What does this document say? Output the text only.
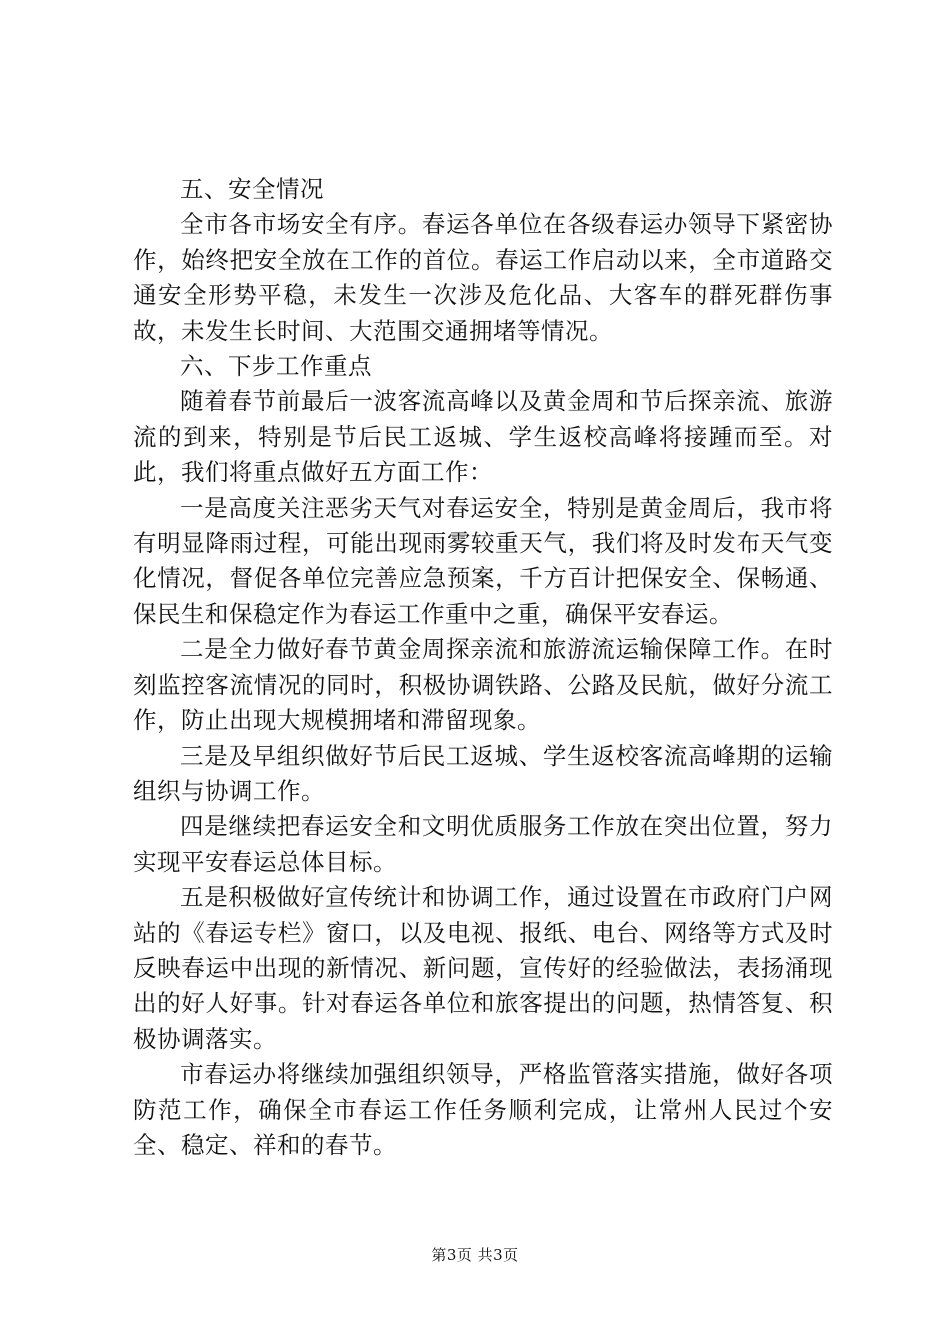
五、安全情况

全市各市场安全有序。春运各单位在各级春运办领导下紧密协作，始终把安全放在工作的首位。春运工作启动以来，全市道路交通安全形势平稳，未发生一次涉及危化品、大客车的群死群伤事故，未发生长时间、大范围交通拥堵等情况。

六、下步工作重点

随着春节前最后一波客流高峰以及黄金周和节后探亲流、旅游流的到来，特别是节后民工返城、学生返校高峰将接踵而至。对此，我们将重点做好五方面工作：

一是高度关注恶劣天气对春运安全，特别是黄金周后，我市将有明显降雨过程，可能出现雨雾较重天气，我们将及时发布天气变化情况，督促各单位完善应急预案，千方百计把保安全、保畅通、保民生和保稳定作为春运工作重中之重，确保平安春运。

二是全力做好春节黄金周探亲流和旅游流运输保障工作。在时刻监控客流情况的同时，积极协调铁路、公路及民航，做好分流工作，防止出现大规模拥堵和滞留现象。

三是及早组织做好节后民工返城、学生返校客流高峰期的运输组织与协调工作。

四是继续把春运安全和文明优质服务工作放在突出位置，努力实现平安春运总体目标。

五是积极做好宣传统计和协调工作，通过设置在市政府门户网站的《春运专栏》窗口，以及电视、报纸、电台、网络等方式及时反映春运中出现的新情况、新问题，宣传好的经验做法，表扬涌现出的好人好事。针对春运各单位和旅客提出的问题，热情答复、积极协调落实。

市春运办将继续加强组织领导，严格监管落实措施，做好各项防范工作，确保全市春运工作任务顺利完成，让常州人民过个安全、稳定、祥和的春节。

第3页 共3页
